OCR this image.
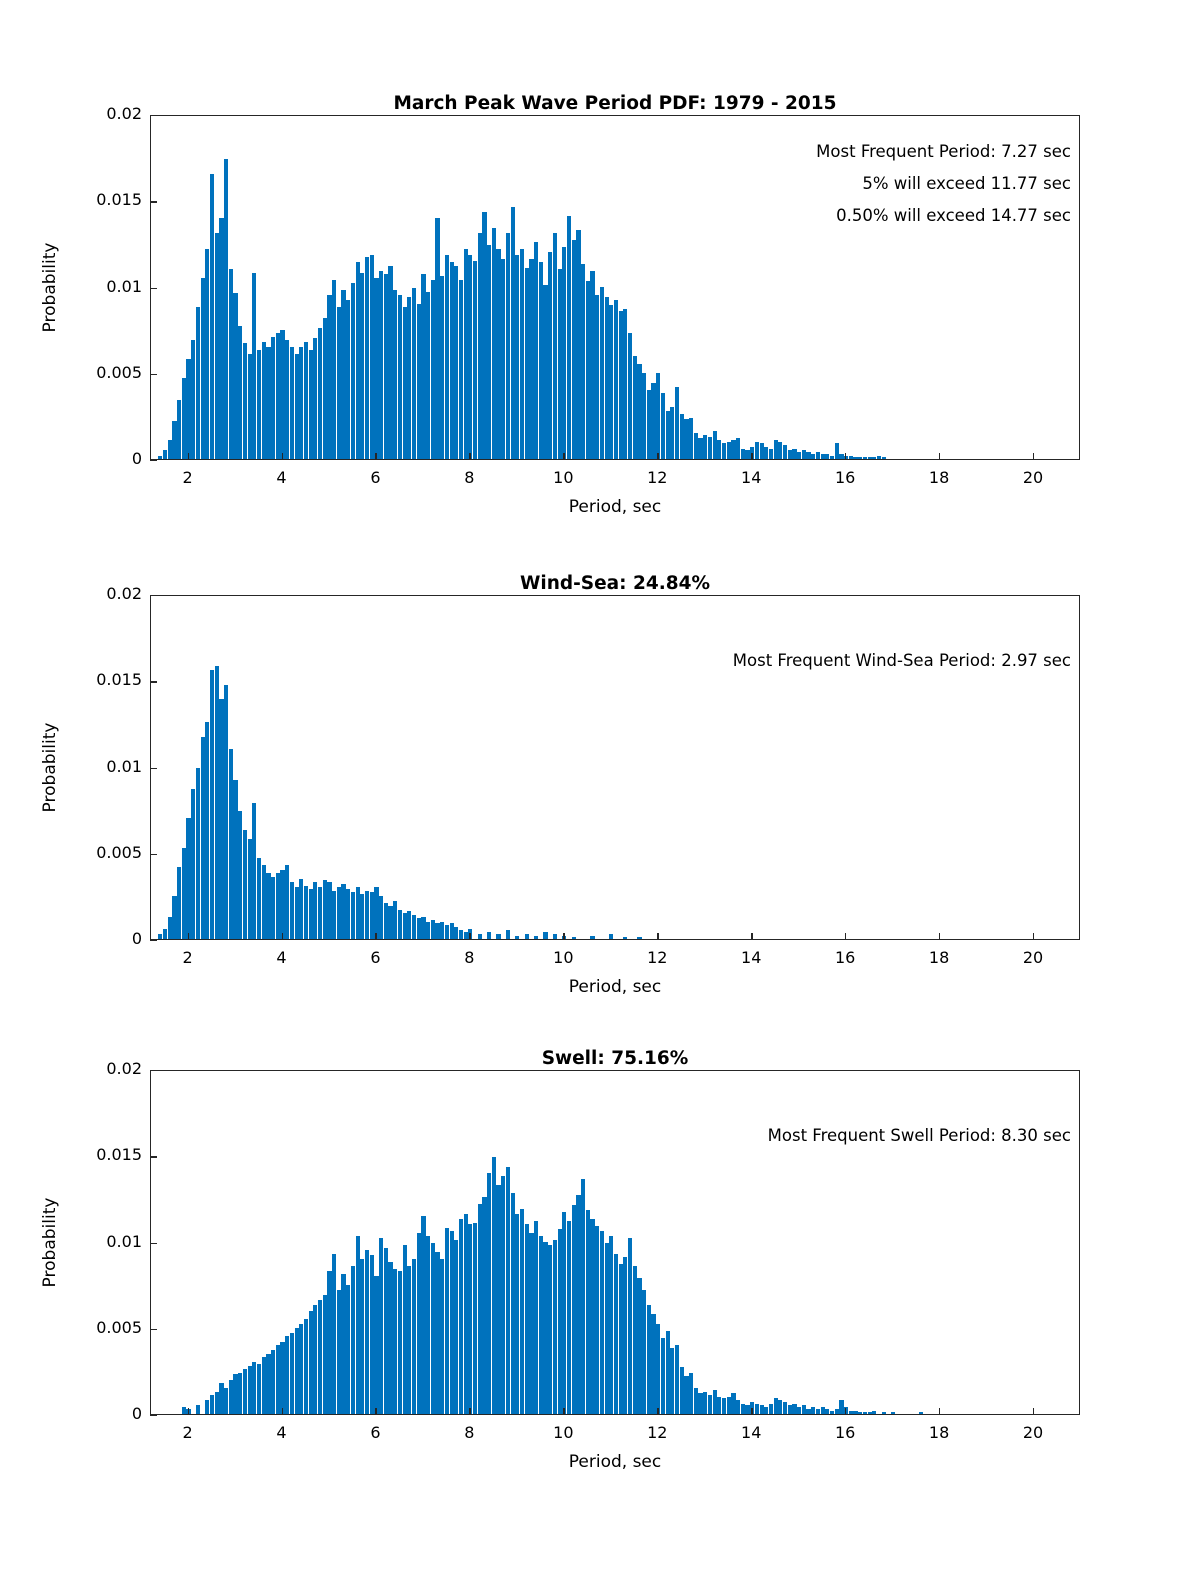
March Peak Wave Period PDF: 1979 - 2015
Most Frequent Period: 7.27 sec
5% will exceed 11.77 sec
0.50% will exceed 14.77 sec
Probability
0
0.005
0.01
0.015
0.02
2	4	6	8	10	12	14	16	18	20
Period, sec
Wind-Sea: 24.84%
Most Frequent Wind-Sea Period: 2.97 sec
Probability
0
0.005
0.01
0.015
0.02
2	4	6	8	10	12	14	16	18	20
Period, sec
Swell: 75.16%
Most Frequent Swell Period: 8.30 sec
Probability
0
0.005
0.01
0.015
0.02
2	4	6	8	10	12	14	16	18	20
Period, sec
